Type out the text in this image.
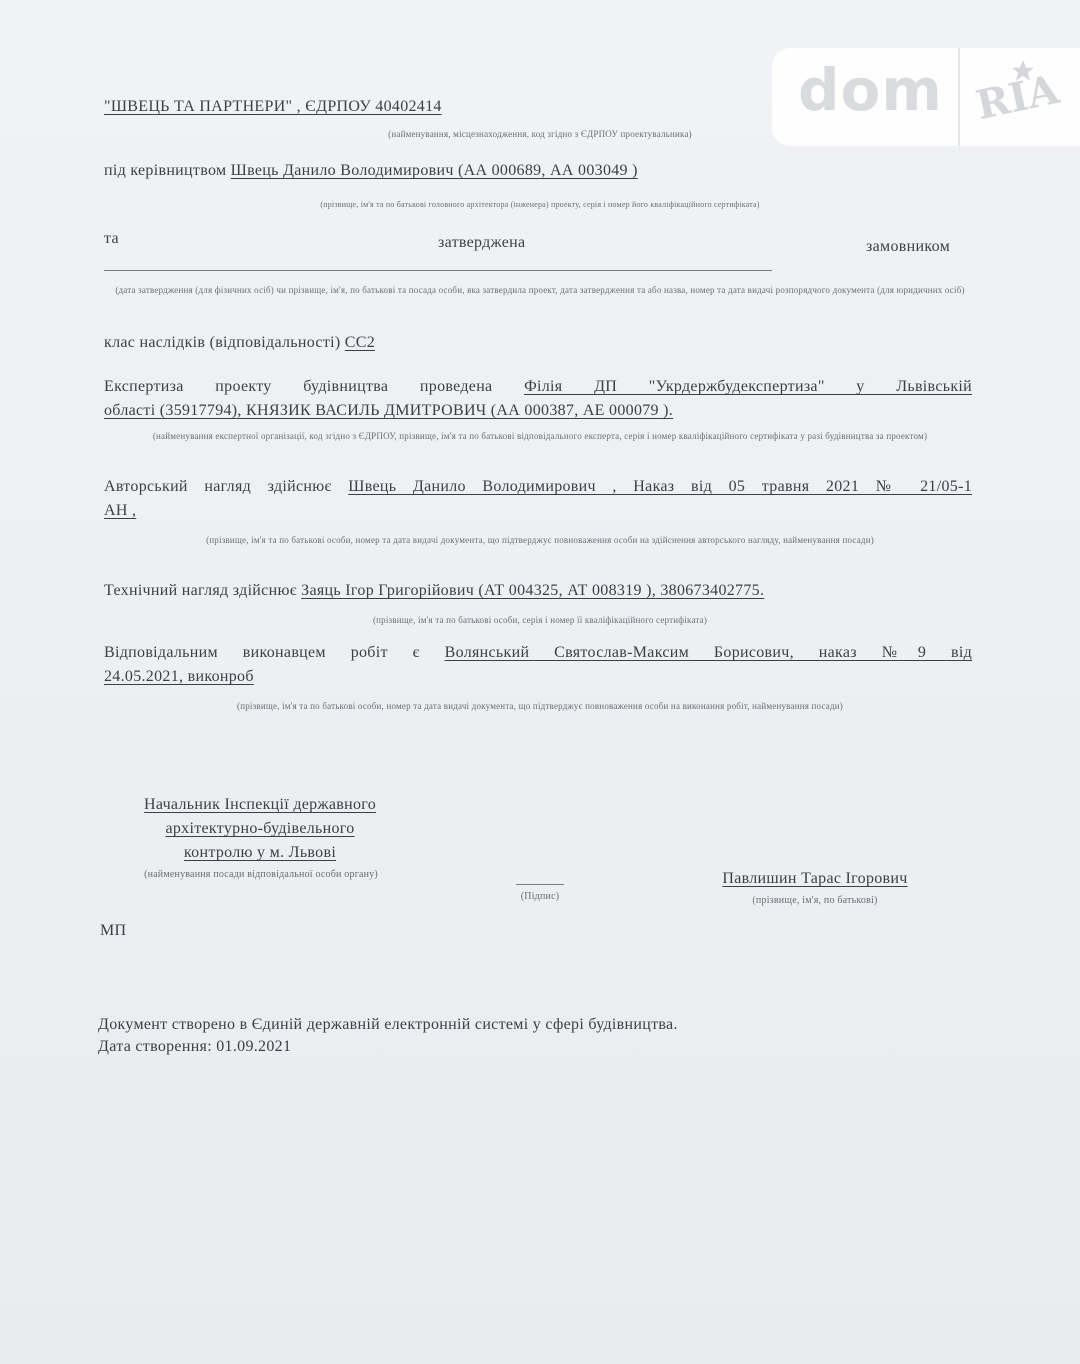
dom RIA
"ШВЕЦЬ ТА ПАРТНЕРИ" , ЄДРПОУ 40402414
(найменування, місцезнаходження, код згідно з ЄДРПОУ проектувальника)
під керівництвом Швець Данило Володимирович (АА 000689, АА 003049 )
(прізвище, ім'я та по батькові головного архітектора (інженера) проекту, серія і номер його кваліфікаційного сертифіката)
та	затверджена	замовником
(дата затвердження (для фізичних осіб) чи прізвище, ім'я, по батькові та посада особи, яка затвердила проект, дата затвердження та або назва, номер та дата видачі розпорядчого документа (для юридичних осіб)
клас наслідків (відповідальності) СС2
Експертиза проекту будівництва проведена Філія ДП "Укрдержбудекспертиза" у Львівській
області (35917794), КНЯЗИК ВАСИЛЬ ДМИТРОВИЧ (АА 000387, АЕ 000079 ).
(найменування експертної організації, код згідно з ЄДРПОУ, прізвище, ім'я та по батькові відповідального експерта, серія і номер кваліфікаційного сертифіката у разі будівництва за проектом)
Авторський нагляд здійснює Швець Данило Володимирович , Наказ від 05 травня 2021 № 21/05-1
АН ,
(прізвище, ім'я та по батькові особи, номер та дата видачі документа, що підтверджує повноваження особи на здійснення авторського нагляду, найменування посади)
Технічний нагляд здійснює Заяць Ігор Григорійович (АТ 004325, АТ 008319 ), 380673402775.
(прізвище, ім'я та по батькові особи, серія і номер її кваліфікаційного сертифіката)
Відповідальним виконавцем робіт є Волянський Святослав-Максим Борисович, наказ №9 від
24.05.2021, виконроб
(прізвище, ім'я та по батькові особи, номер та дата видачі документа, що підтверджує повноваження особи на виконання робіт, найменування посади)
Начальник Інспекції державного
архітектурно-будівельного
контролю у м. Львові
(найменування посади відповідальної особи органу)
(Підпис)
Павлишин Тарас Ігорович
(прізвище, ім'я, по батькові)
МП
Документ створено в Єдиній державній електронній системі у сфері будівництва.
Дата створення: 01.09.2021
